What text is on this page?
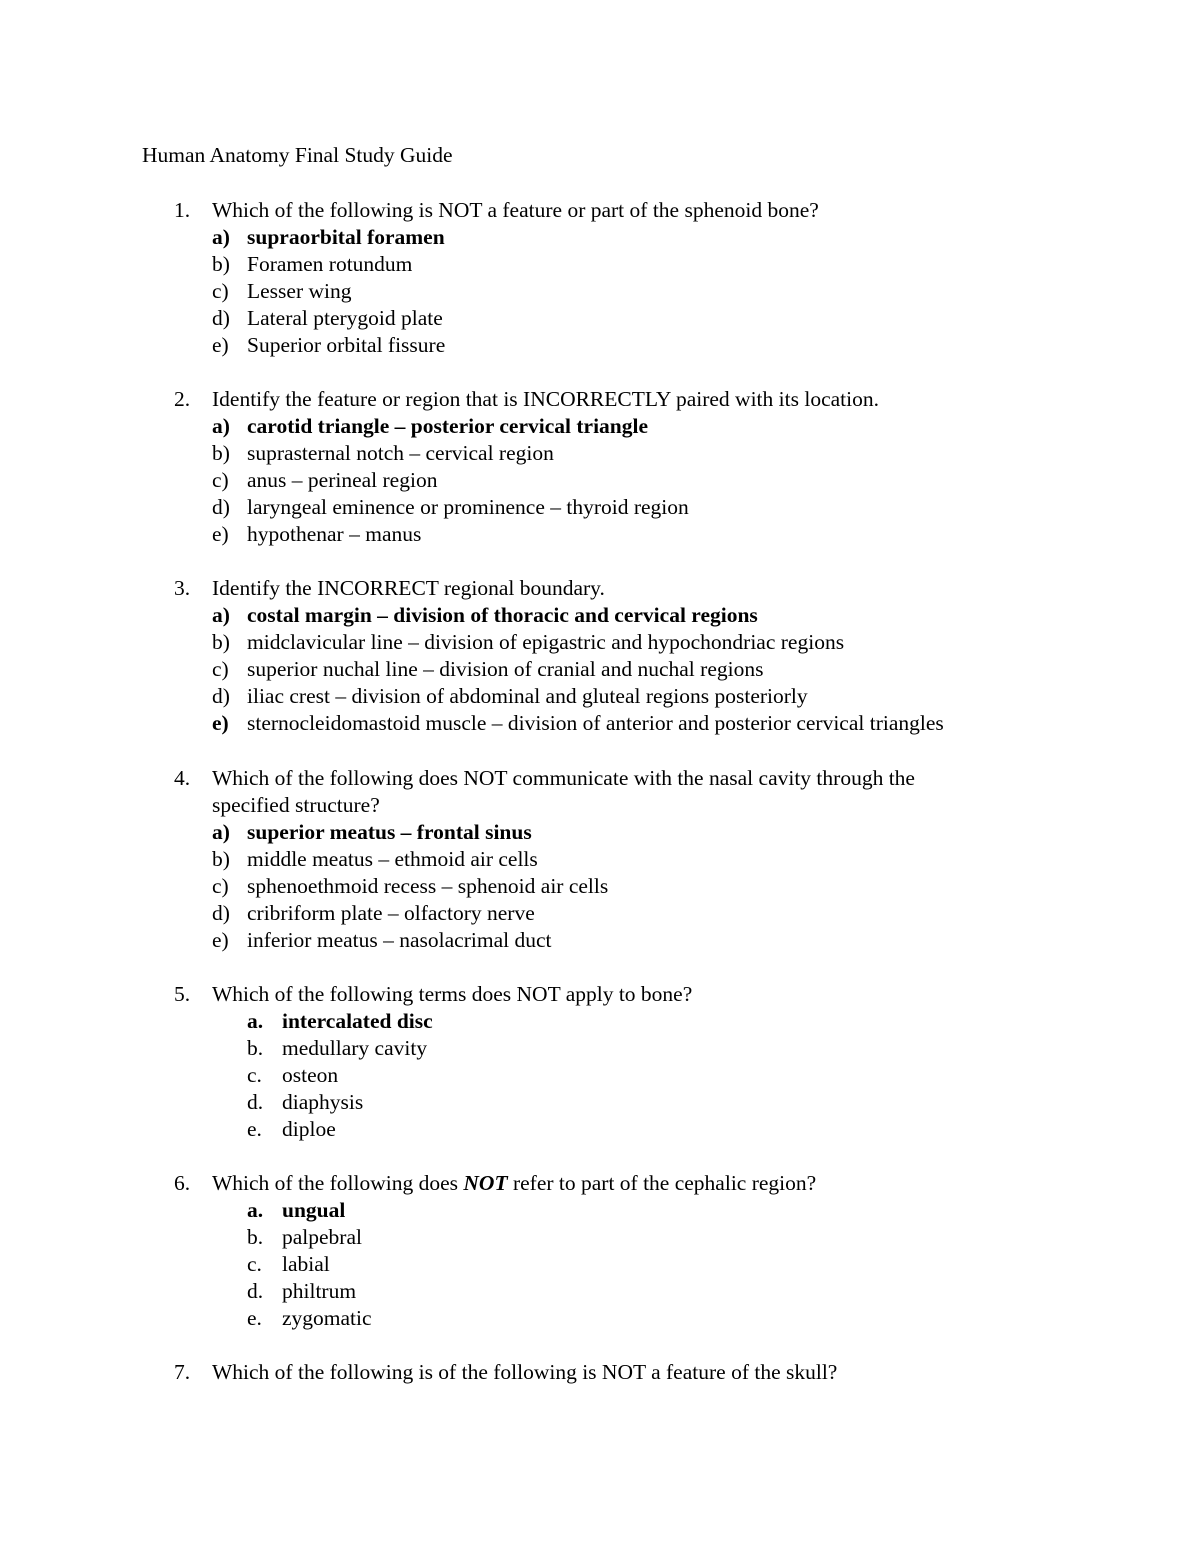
Human Anatomy Final Study Guide
1.	Which of the following is NOT a feature or part of the sphenoid bone?
a) supraorbital foramen
b) Foramen rotundum
c) Lesser wing
d) Lateral pterygoid plate
e) Superior orbital fissure
2.	Identify the feature or region that is INCORRECTLY paired with its location.
a) carotid triangle – posterior cervical triangle
b) suprasternal notch – cervical region
c) anus – perineal region
d) laryngeal eminence or prominence – thyroid region
e) hypothenar – manus
3.	Identify the INCORRECT regional boundary.
a) costal margin – division of thoracic and cervical regions
b) midclavicular line – division of epigastric and hypochondriac regions
c) superior nuchal line – division of cranial and nuchal regions
d) iliac crest – division of abdominal and gluteal regions posteriorly
e) sternocleidomastoid muscle – division of anterior and posterior cervical triangles
4.	Which of the following does NOT communicate with the nasal cavity through the
specified structure?
a) superior meatus – frontal sinus
b) middle meatus – ethmoid air cells
c) sphenoethmoid recess – sphenoid air cells
d) cribriform plate – olfactory nerve
e) inferior meatus – nasolacrimal duct
5.	Which of the following terms does NOT apply to bone?
a. intercalated disc
b. medullary cavity
c. osteon
d. diaphysis
e. diploe
6.	Which of the following does NOT refer to part of the cephalic region?
a. ungual
b. palpebral
c. labial
d. philtrum
e. zygomatic
7.	Which of the following is of the following is NOT a feature of the skull?
